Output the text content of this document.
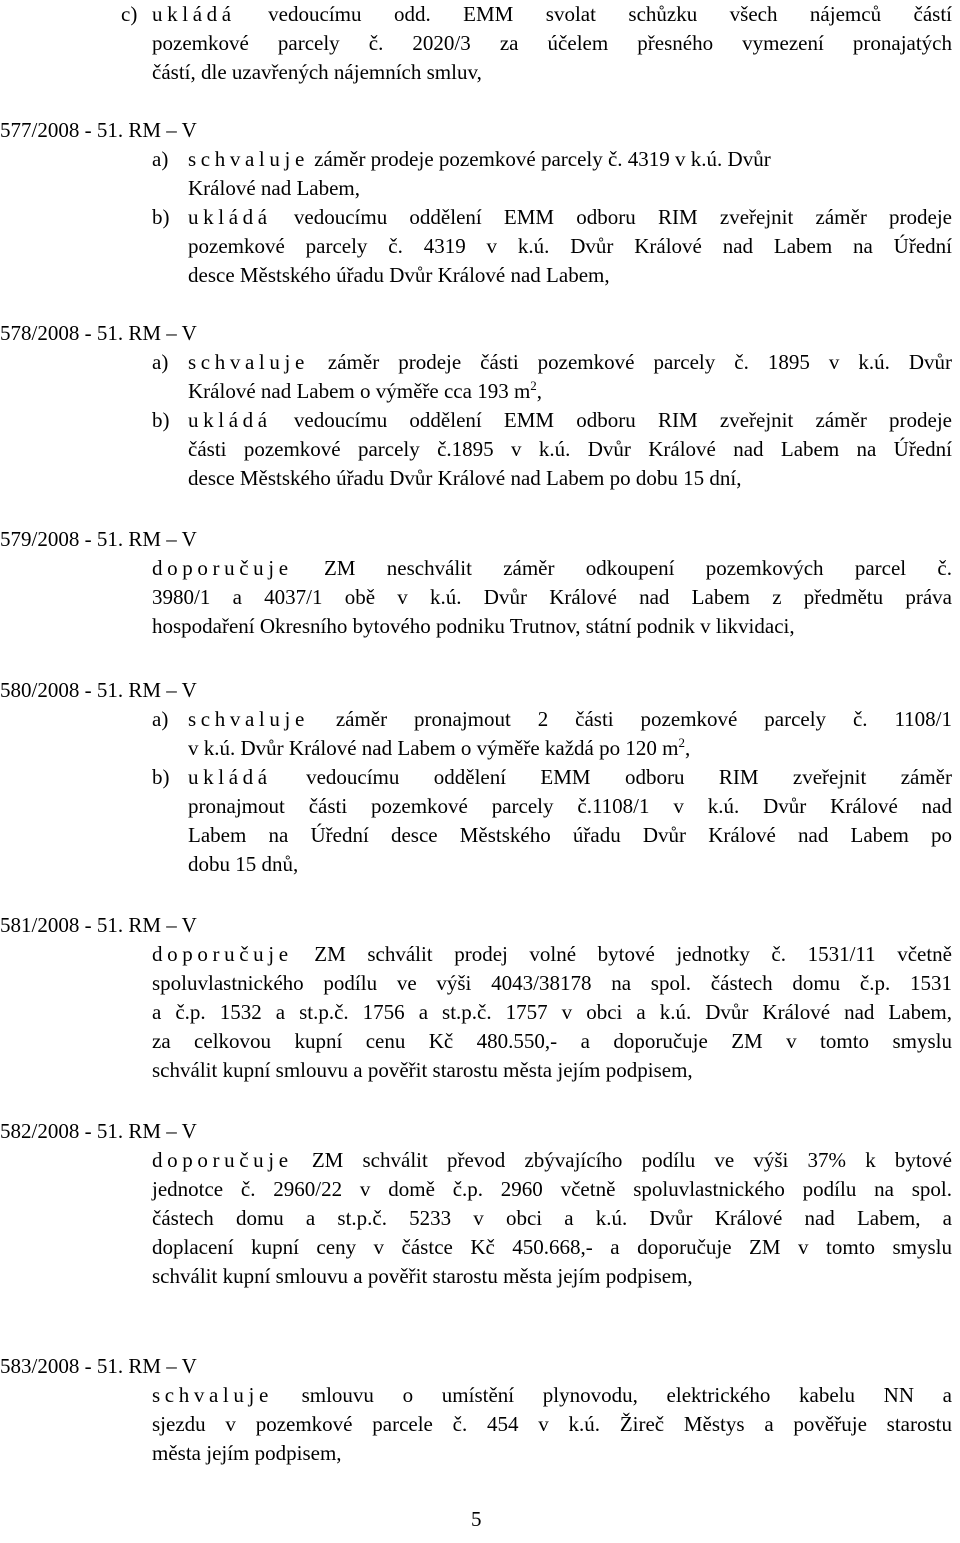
c) ukládá vedoucímu odd. EMM svolat schůzku všech nájemců částí
pozemkové parcely č. 2020/3 za účelem přesného vymezení pronajatých
částí, dle uzavřených nájemních smluv,
577/2008 - 51. RM – V
a) schvaluje záměr prodeje pozemkové parcely č. 4319 v k.ú. Dvůr
Králové nad Labem,
b) ukládá vedoucímu oddělení EMM odboru RIM zveřejnit záměr prodeje
pozemkové parcely č. 4319 v k.ú. Dvůr Králové nad Labem na Úřední
desce Městského úřadu Dvůr Králové nad Labem,
578/2008 - 51. RM – V
a) schvaluje záměr prodeje části pozemkové parcely č. 1895 v k.ú. Dvůr
Králové nad Labem o výměře cca 193 $m^2$,
b) ukládá vedoucímu oddělení EMM odboru RIM zveřejnit záměr prodeje
části pozemkové parcely č.1895 v k.ú. Dvůr Králové nad Labem na Úřední
desce Městského úřadu Dvůr Králové nad Labem po dobu 15 dní,
579/2008 - 51. RM – V
doporučuje ZM neschválit záměr odkoupení pozemkových parcel č.
3980/1 a 4037/1 obě v k.ú. Dvůr Králové nad Labem z předmětu práva
hospodaření Okresního bytového podniku Trutnov, státní podnik v likvidaci,
580/2008 - 51. RM – V
a) schvaluje záměr pronajmout 2 části pozemkové parcely č. 1108/1
v k.ú. Dvůr Králové nad Labem o výměře každá po 120 $m^2$,
b) ukládá vedoucímu oddělení EMM odboru RIM zveřejnit záměr
pronajmout části pozemkové parcely č.1108/1 v k.ú. Dvůr Králové nad
Labem na Úřední desce Městského úřadu Dvůr Králové nad Labem po
dobu 15 dnů,
581/2008 - 51. RM – V
doporučuje ZM schválit prodej volné bytové jednotky č. 1531/11 včetně
spoluvlastnického podílu ve výši 4043/38178 na spol. částech domu č.p. 1531
a č.p. 1532 a st.p.č. 1756 a st.p.č. 1757 v obci a k.ú. Dvůr Králové nad Labem,
za celkovou kupní cenu Kč 480.550,- a doporučuje ZM v tomto smyslu
schválit kupní smlouvu a pověřit starostu města jejím podpisem,
582/2008 - 51. RM – V
doporučuje ZM schválit převod zbývajícího podílu ve výši 37% k bytové
jednotce č. 2960/22 v domě č.p. 2960 včetně spoluvlastnického podílu na spol.
částech domu a st.p.č. 5233 v obci a k.ú. Dvůr Králové nad Labem, a
doplacení kupní ceny v částce Kč 450.668,- a doporučuje ZM v tomto smyslu
schválit kupní smlouvu a pověřit starostu města jejím podpisem,
583/2008 - 51. RM – V
schvaluje smlouvu o umístění plynovodu, elektrického kabelu NN a
sjezdu v pozemkové parcele č. 454 v k.ú. Žireč Městys a pověřuje starostu
města jejím podpisem,
5
